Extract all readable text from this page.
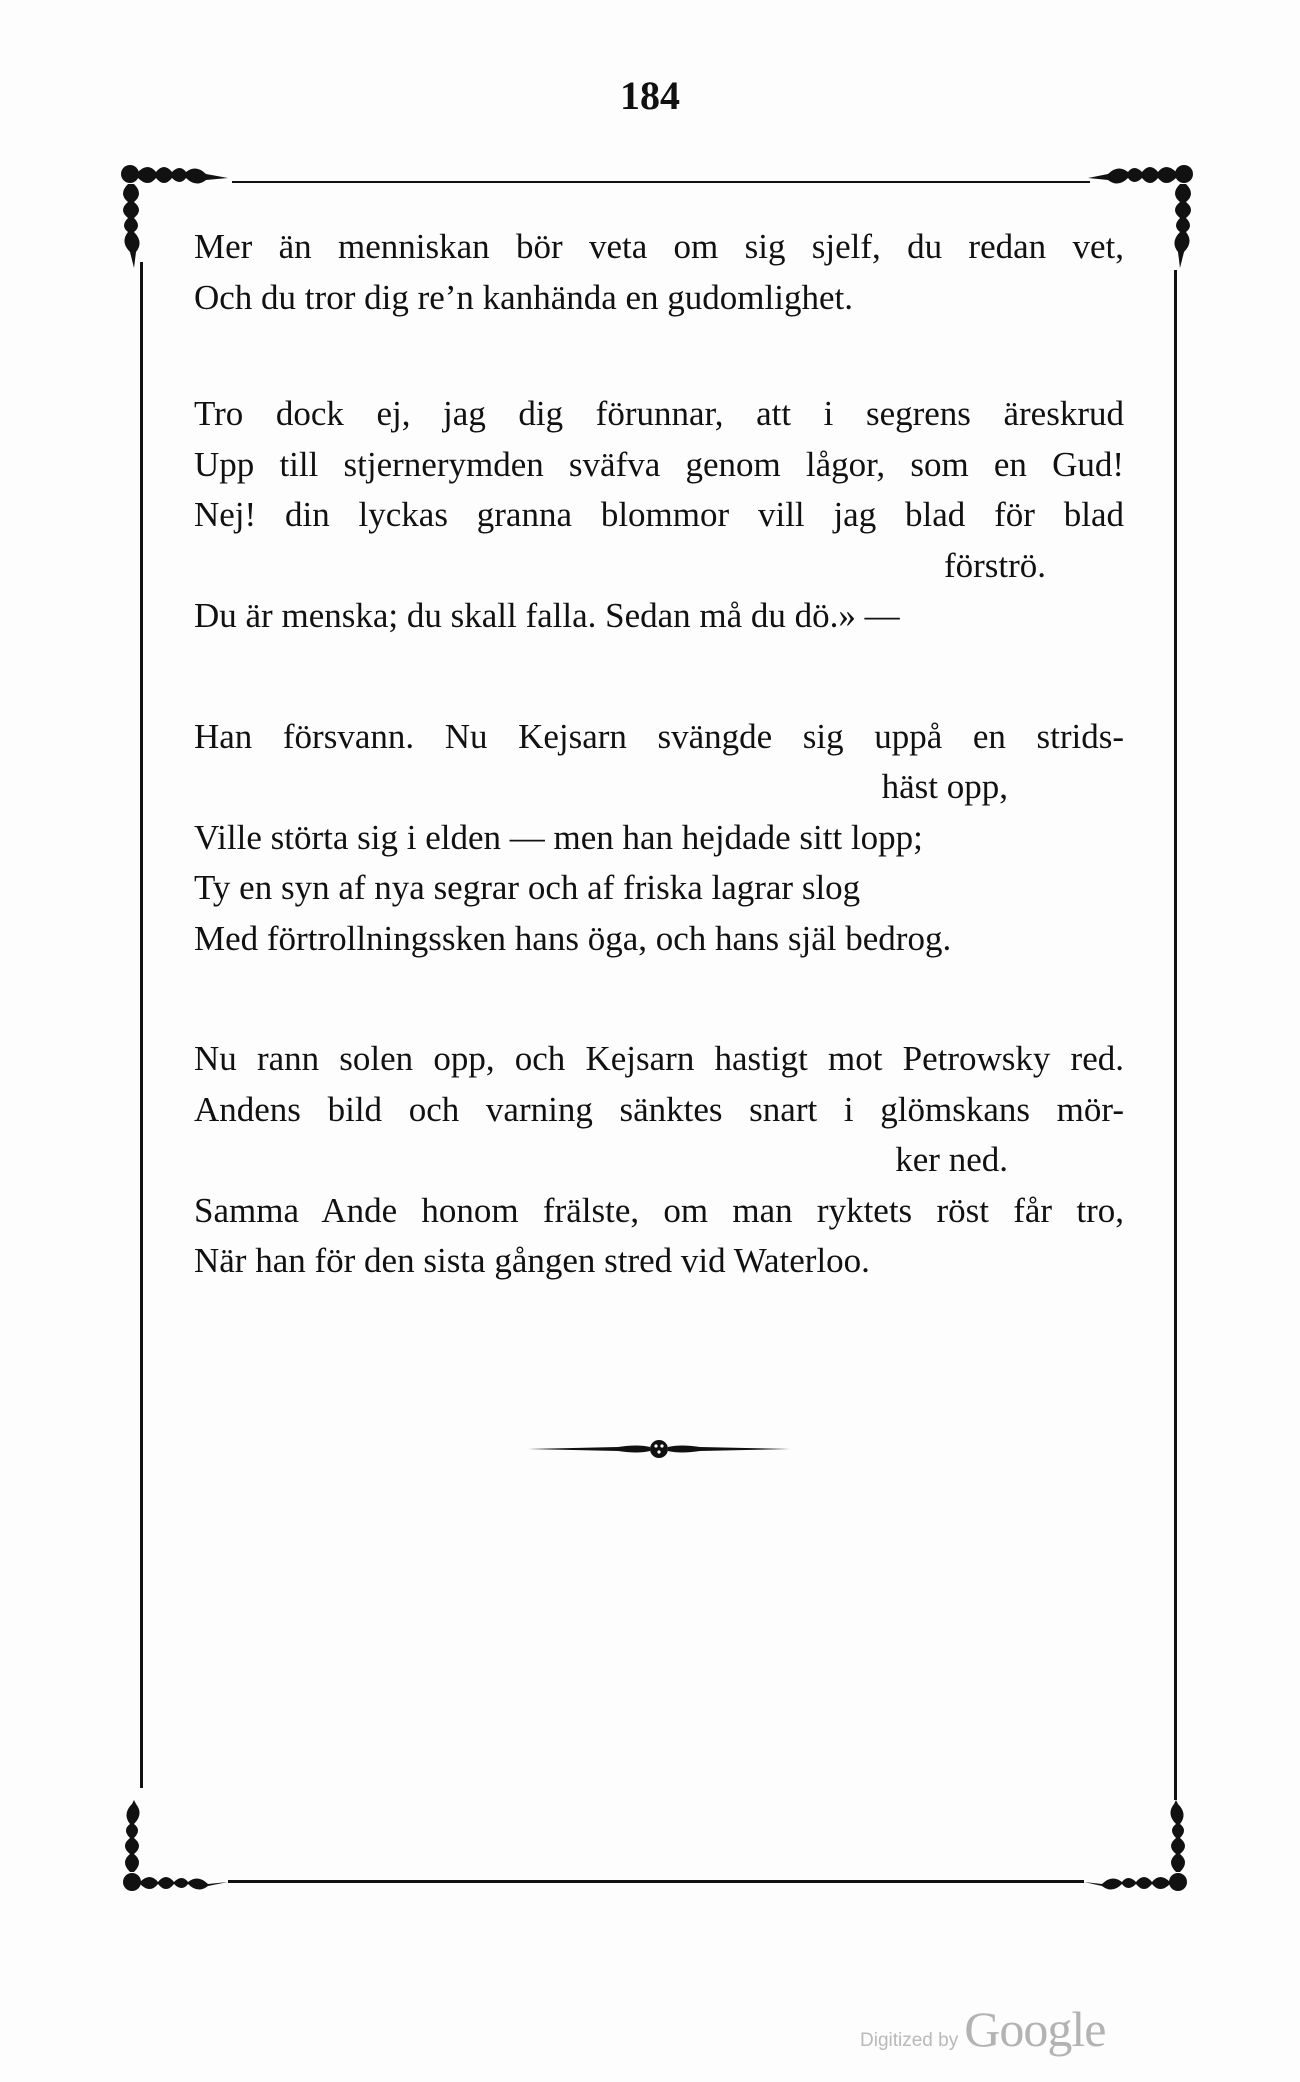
184
Mer än menniskan bör veta om sig sjelf, du redan vet,
Och du tror dig re’n kanhända en gudomlighet.
Tro dock ej, jag dig förunnar, att i segrens äreskrud
Upp till stjernerymden sväfva genom lågor, som en Gud!
Nej! din lyckas granna blommor vill jag blad för blad
förströ.
Du är menska; du skall falla. Sedan må du dö.» —
Han försvann. Nu Kejsarn svängde sig uppå en strids-
häst opp,
Ville störta sig i elden — men han hejdade sitt lopp;
Ty en syn af nya segrar och af friska lagrar slog
Med förtrollningssken hans öga, och hans själ bedrog.
Nu rann solen opp, och Kejsarn hastigt mot Petrowsky red.
Andens bild och varning sänktes snart i glömskans mör-
ker ned.
Samma Ande honom frälste, om man ryktets röst får tro,
När han för den sista gången stred vid Waterloo.
Digitized by Google
